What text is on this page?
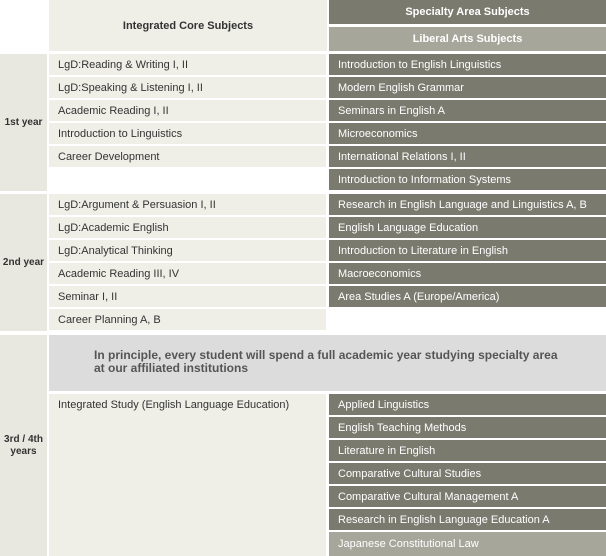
Integrated Core Subjects
Specialty Area Subjects
Liberal Arts Subjects
1st year
LgD:Reading & Writing I, II
LgD:Speaking & Listening I, II
Academic Reading I, II
Introduction to Linguistics
Career Development
Introduction to English Linguistics
Modern English Grammar
Seminars in English A
Microeconomics
International Relations I, II
Introduction to Information Systems
2nd year
LgD:Argument & Persuasion I, II
LgD:Academic English
LgD:Analytical Thinking
Academic Reading III, IV
Seminar I, II
Career Planning A, B
Research in English Language and Linguistics A, B
English Language Education
Introduction to Literature in English
Macroeconomics
Area Studies A (Europe/America)
3rd / 4th
years
In principle, every student will spend a full academic year studying specialty area
at our affiliated institutions
Integrated Study (English Language Education)	Applied Linguistics
English Teaching Methods
Literature in English
Comparative Cultural Studies
Comparative Cultural Management A
Research in English Language Education A
Japanese Constitutional Law
